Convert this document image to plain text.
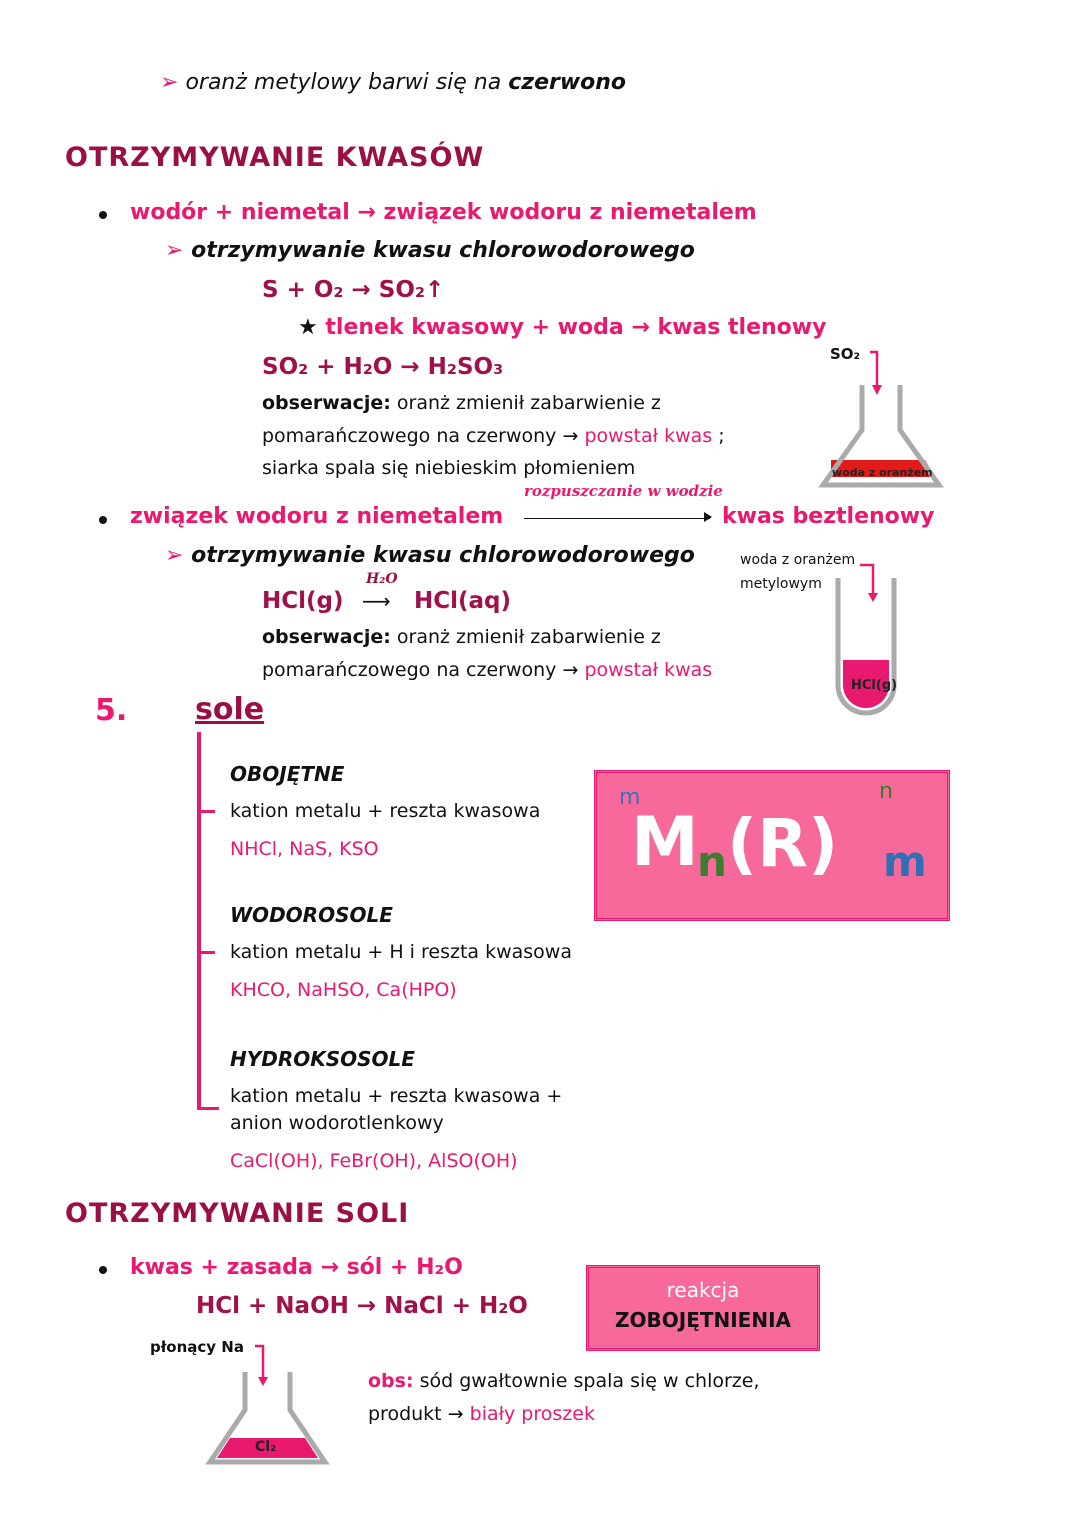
➢ oranż metylowy barwi się na czerwono
OTRZYMYWANIE KWASÓW
wodór + niemetal → związek wodoru z niemetalem
➢ otrzymywanie kwasu chlorowodorowego
S + O₂ → SO₂↑
★ tlenek kwasowy + woda → kwas tlenowy
SO₂ + H₂O → H₂SO₃
obserwacje: oranż zmienił zabarwienie z
pomarańczowego na czerwony → powstał kwas ;
siarka spala się niebieskim płomieniem
SO₂
woda z oranżem
związek wodoru z niemetalem
rozpuszczanie w wodzie
kwas beztlenowy
➢ otrzymywanie kwasu chlorowodorowego
HCl(g)
H₂O
⟶ HCl(aq)
obserwacje: oranż zmienił zabarwienie z
pomarańczowego na czerwony → powstał kwas
woda z oranżem
metylowym
HCl(g)
5. sole
OBOJĘTNE
kation metalu + reszta kwasowa
NHCl, NaS, KSO
WODOROSOLE
kation metalu + H i reszta kwasowa
KHCO, NaHSO, Ca(HPO)
HYDROKSOSOLE
kation metalu + reszta kwasowa +
anion wodorotlenkowy
CaCl(OH), FeBr(OH), AlSO(OH)
m
M
n (R)
n
m
OTRZYMYWANIE SOLI
kwas + zasada → sól + H₂O
HCl + NaOH → NaCl + H₂O
reakcja
ZOBOJĘTNIENIA
płonący Na
Cl₂
obs: sód gwałtownie spala się w chlorze,
produkt → biały proszek
